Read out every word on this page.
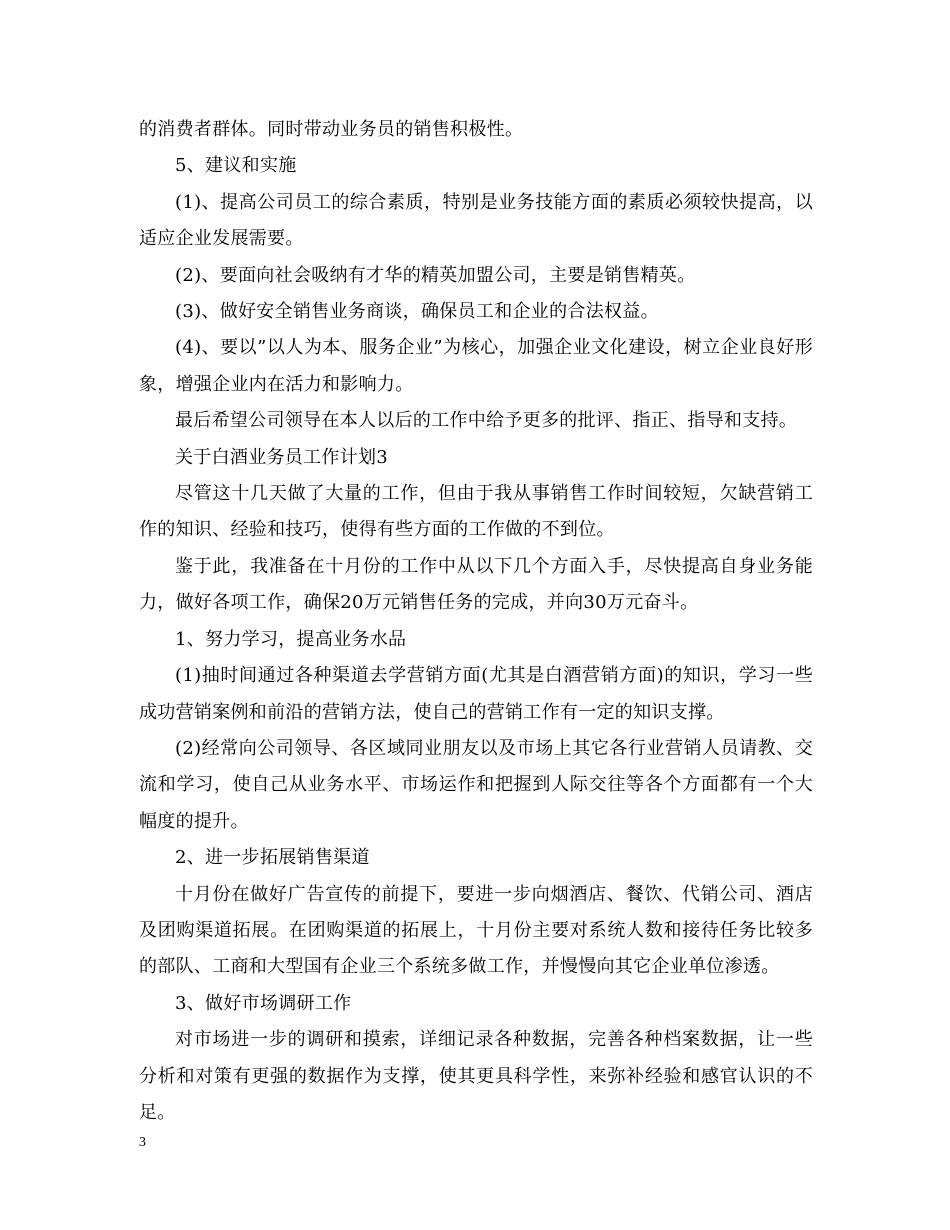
的消费者群体。同时带动业务员的销售积极性。

5、建议和实施

(1)、提高公司员工的综合素质，特别是业务技能方面的素质必须较快提高，以适应企业发展需要。

(2)、要面向社会吸纳有才华的精英加盟公司，主要是销售精英。

(3)、做好安全销售业务商谈，确保员工和企业的合法权益。

(4)、要以”以人为本、服务企业”为核心，加强企业文化建设，树立企业良好形象，增强企业内在活力和影响力。

最后希望公司领导在本人以后的工作中给予更多的批评、指正、指导和支持。

关于白酒业务员工作计划3

尽管这十几天做了大量的工作，但由于我从事销售工作时间较短，欠缺营销工作的知识、经验和技巧，使得有些方面的工作做的不到位。

鉴于此，我准备在十月份的工作中从以下几个方面入手，尽快提高自身业务能力，做好各项工作，确保20万元销售任务的完成，并向30万元奋斗。

1、努力学习，提高业务水品

(1)抽时间通过各种渠道去学营销方面(尤其是白酒营销方面)的知识，学习一些成功营销案例和前沿的营销方法，使自己的营销工作有一定的知识支撑。

(2)经常向公司领导、各区域同业朋友以及市场上其它各行业营销人员请教、交流和学习，使自己从业务水平、市场运作和把握到人际交往等各个方面都有一个大幅度的提升。

2、进一步拓展销售渠道

十月份在做好广告宣传的前提下，要进一步向烟酒店、餐饮、代销公司、酒店及团购渠道拓展。在团购渠道的拓展上，十月份主要对系统人数和接待任务比较多的部队、工商和大型国有企业三个系统多做工作，并慢慢向其它企业单位渗透。

3、做好市场调研工作

对市场进一步的调研和摸索，详细记录各种数据，完善各种档案数据，让一些分析和对策有更强的数据作为支撑，使其更具科学性，来弥补经验和感官认识的不足。

3
